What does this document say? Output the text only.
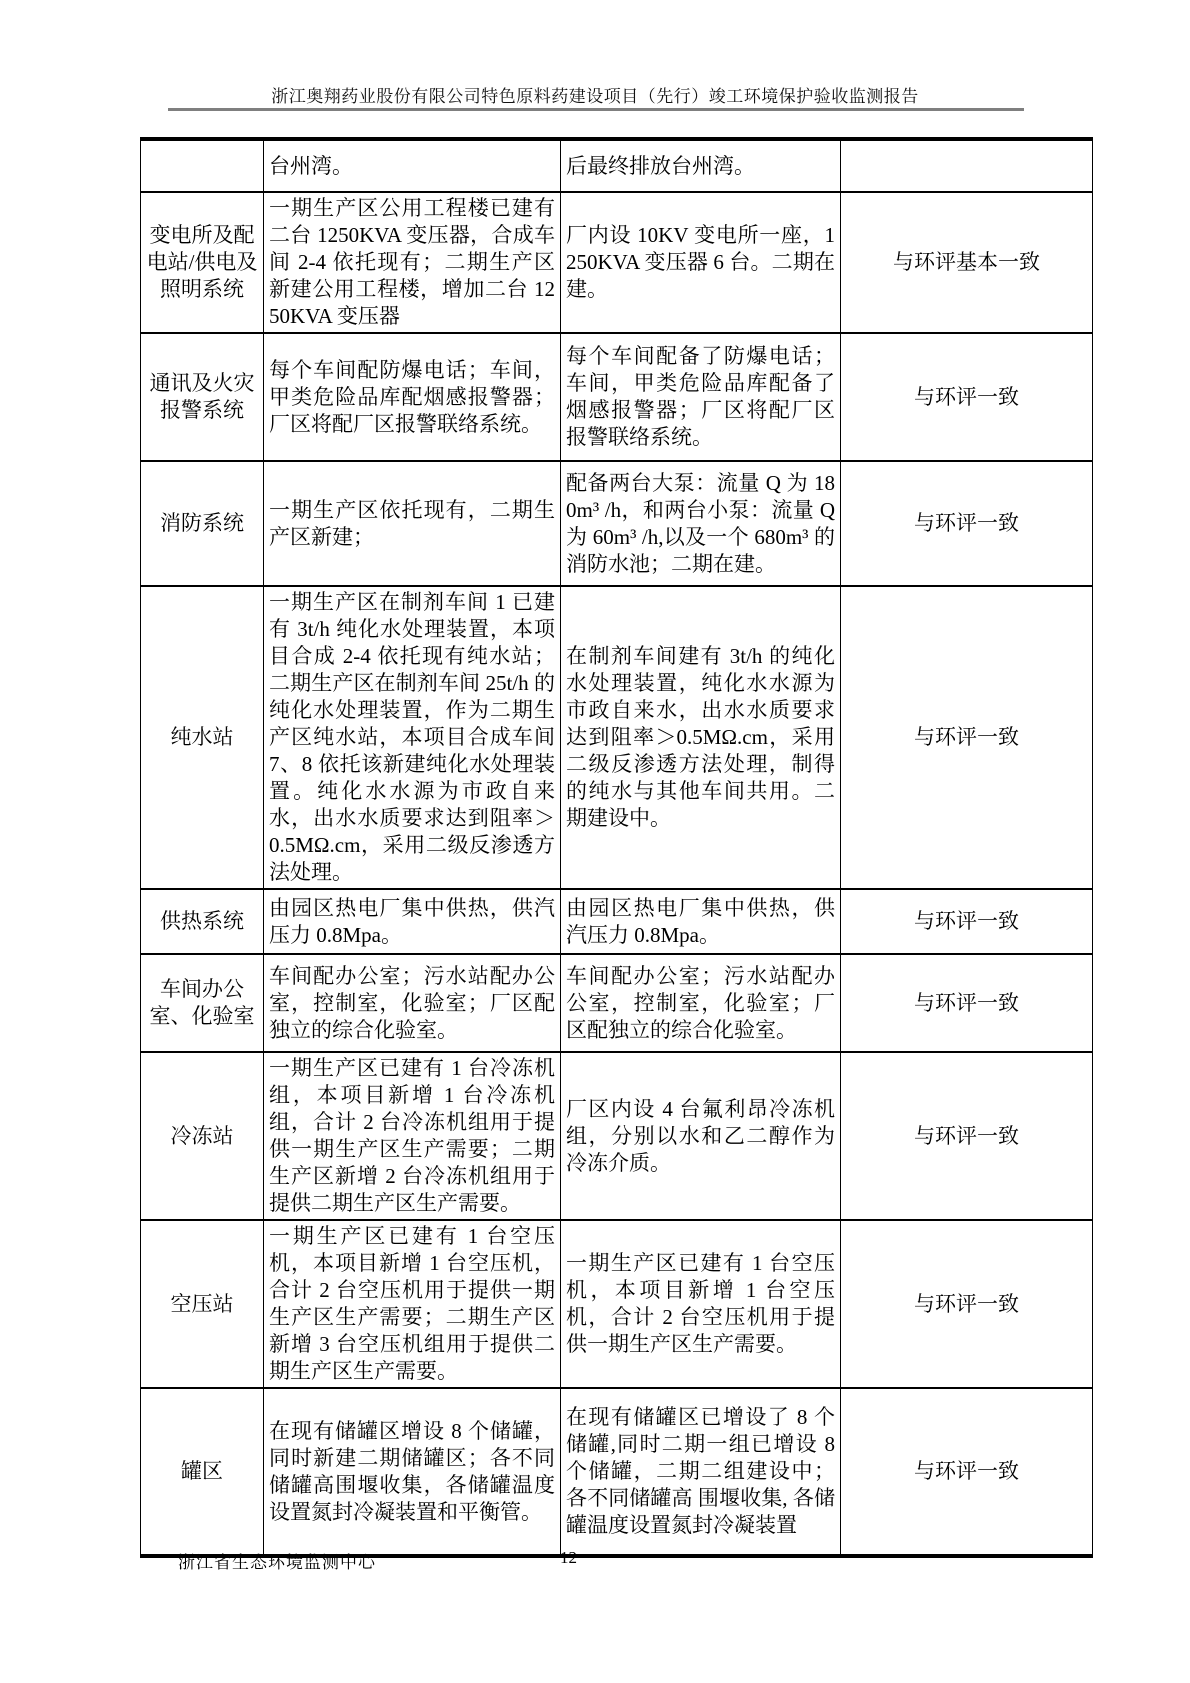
浙江奥翔药业股份有限公司特色原料药建设项目（先行）竣工环境保护验收监测报告
	台州湾。	后最终排放台州湾。	
变电所及配电站/供电及照明系统	一期生产区公用工程楼已建有二台 1250KVA 变压器，合成车间 2-4 依托现有；二期生产区新建公用工程楼，增加二台 1250KVA 变压器	厂内设 10KV 变电所一座，1250KVA 变压器 6 台。二期在建。	与环评基本一致
通讯及火灾报警系统	每个车间配防爆电话；车间，甲类危险品库配烟感报警器；厂区将配厂区报警联络系统。	每个车间配备了防爆电话；车间，甲类危险品库配备了烟感报警器；厂区将配厂区报警联络系统。	与环评一致
消防系统	一期生产区依托现有，二期生产区新建；	配备两台大泵：流量 Q 为 180m³ /h，和两台小泵：流量 Q 为 60m³ /h,以及一个 680m³ 的消防水池；二期在建。	与环评一致
纯水站	一期生产区在制剂车间 1 已建有 3t/h 纯化水处理装置，本项目合成 2-4 依托现有纯水站；二期生产区在制剂车间 25t/h 的纯化水处理装置，作为二期生产区纯水站，本项目合成车间 7、8 依托该新建纯化水处理装置。纯化水水源为市政自来水，出水水质要求达到阻率＞0.5MΩ.cm，采用二级反渗透方法处理。	在制剂车间建有 3t/h 的纯化水处理装置，纯化水水源为市政自来水，出水水质要求达到阻率＞0.5MΩ.cm，采用二级反渗透方法处理，制得的纯水与其他车间共用。二期建设中。	与环评一致
供热系统	由园区热电厂集中供热，供汽压力 0.8Mpa。	由园区热电厂集中供热，供汽压力 0.8Mpa。	与环评一致
车间办公室、化验室	车间配办公室；污水站配办公室，控制室，化验室；厂区配独立的综合化验室。	车间配办公室；污水站配办公室，控制室，化验室；厂区配独立的综合化验室。	与环评一致
冷冻站	一期生产区已建有 1 台冷冻机组，本项目新增 1 台冷冻机组，合计 2 台冷冻机组用于提供一期生产区生产需要；二期生产区新增 2 台冷冻机组用于提供二期生产区生产需要。	厂区内设 4 台氟利昂冷冻机组，分别以水和乙二醇作为冷冻介质。	与环评一致
空压站	一期生产区已建有 1 台空压机，本项目新增 1 台空压机，合计 2 台空压机用于提供一期生产区生产需要；二期生产区新增 3 台空压机组用于提供二期生产区生产需要。	一期生产区已建有 1 台空压机，本项目新增 1 台空压机，合计 2 台空压机用于提供一期生产区生产需要。	与环评一致
罐区	在现有储罐区增设 8 个储罐，同时新建二期储罐区；各不同储罐高围堰收集，各储罐温度设置氮封冷凝装置和平衡管。	在现有储罐区已增设了 8 个储罐,同时二期一组已增设 8 个储罐，二期二组建设中；各不同储罐高 围堰收集, 各储罐温度设置氮封冷凝装置	与环评一致
浙江省生态环境监测中心	12
